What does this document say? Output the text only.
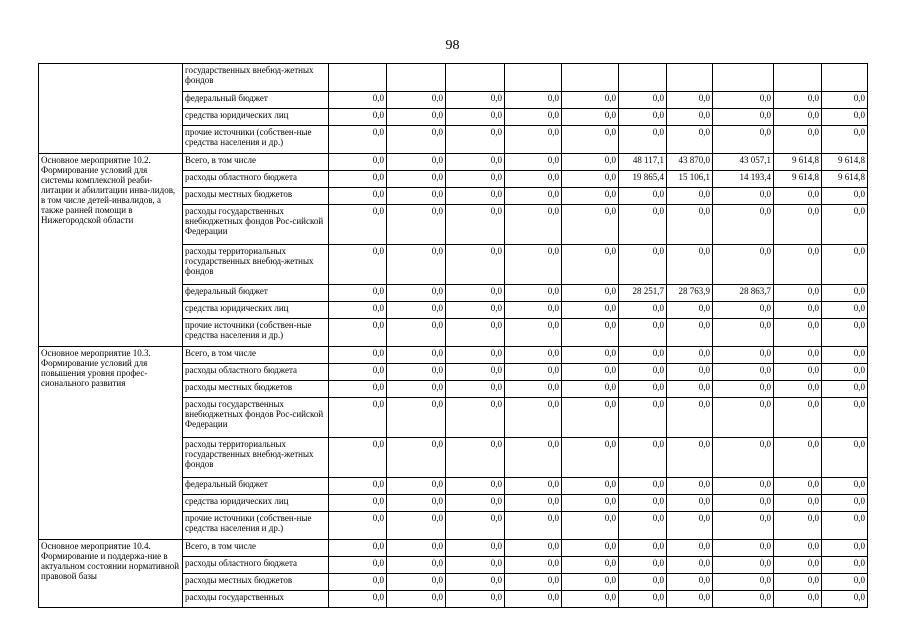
98
	государственных внебюд-жетных фондов										
	федеральный бюджет	0,0	0,0	0,0	0,0	0,0	0,0	0,0	0,0	0,0	0,0
	средства юридических лиц	0,0	0,0	0,0	0,0	0,0	0,0	0,0	0,0	0,0	0,0
	прочие источники (собствен-ные средства населения и др.)	0,0	0,0	0,0	0,0	0,0	0,0	0,0	0,0	0,0	0,0
Основное мероприятие 10.2. Формирование условий для системы комплексной реаби-литации и абилитации инва-лидов, в том числе детей-инвалидов, а также ранней помощи в Нижегородской области	Всего, в том числе	0,0	0,0	0,0	0,0	0,0	48 117,1	43 870,0	43 057,1	9 614,8	9 614,8
	расходы областного бюджета	0,0	0,0	0,0	0,0	0,0	19 865,4	15 106,1	14 193,4	9 614,8	9 614,8
	расходы местных бюджетов	0,0	0,0	0,0	0,0	0,0	0,0	0,0	0,0	0,0	0,0
	расходы государственных внебюджетных фондов Рос-сийской Федерации	0,0	0,0	0,0	0,0	0,0	0,0	0,0	0,0	0,0	0,0
	расходы территориальных государственных внебюд-жетных фондов	0,0	0,0	0,0	0,0	0,0	0,0	0,0	0,0	0,0	0,0
	федеральный бюджет	0,0	0,0	0,0	0,0	0,0	28 251,7	28 763,9	28 863,7	0,0	0,0
	средства юридических лиц	0,0	0,0	0,0	0,0	0,0	0,0	0,0	0,0	0,0	0,0
	прочие источники (собствен-ные средства населения и др.)	0,0	0,0	0,0	0,0	0,0	0,0	0,0	0,0	0,0	0,0
Основное мероприятие 10.3. Формирование условий для повышения уровня профес-сионального развития	Всего, в том числе	0,0	0,0	0,0	0,0	0,0	0,0	0,0	0,0	0,0	0,0
	расходы областного бюджета	0,0	0,0	0,0	0,0	0,0	0,0	0,0	0,0	0,0	0,0
	расходы местных бюджетов	0,0	0,0	0,0	0,0	0,0	0,0	0,0	0,0	0,0	0,0
	расходы государственных внебюджетных фондов Рос-сийской Федерации	0,0	0,0	0,0	0,0	0,0	0,0	0,0	0,0	0,0	0,0
	расходы территориальных государственных внебюд-жетных фондов	0,0	0,0	0,0	0,0	0,0	0,0	0,0	0,0	0,0	0,0
	федеральный бюджет	0,0	0,0	0,0	0,0	0,0	0,0	0,0	0,0	0,0	0,0
	средства юридических лиц	0,0	0,0	0,0	0,0	0,0	0,0	0,0	0,0	0,0	0,0
	прочие источники (собствен-ные средства населения и др.)	0,0	0,0	0,0	0,0	0,0	0,0	0,0	0,0	0,0	0,0
Основное мероприятие 10.4. Формирование и поддержа-ние в актуальном состоянии нормативной правовой базы	Всего, в том числе	0,0	0,0	0,0	0,0	0,0	0,0	0,0	0,0	0,0	0,0
	расходы областного бюджета	0,0	0,0	0,0	0,0	0,0	0,0	0,0	0,0	0,0	0,0
	расходы местных бюджетов	0,0	0,0	0,0	0,0	0,0	0,0	0,0	0,0	0,0	0,0
	расходы государственных	0,0	0,0	0,0	0,0	0,0	0,0	0,0	0,0	0,0	0,0
